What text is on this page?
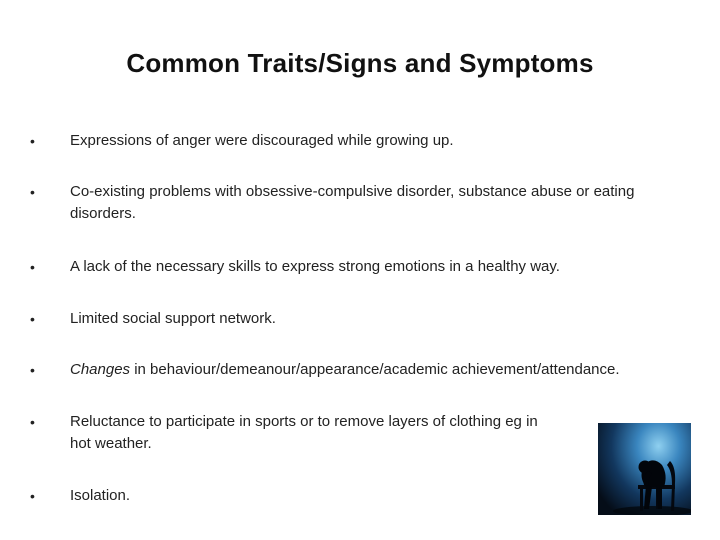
Common Traits/Signs and Symptoms
•	Expressions of anger were discouraged while growing up.
•	Co-existing problems with obsessive-compulsive disorder, substance abuse or eating disorders.
•	A lack of the necessary skills to express strong emotions in a healthy way.
•	Limited social support network.
•	Changes in behaviour/demeanour/appearance/academic achievement/attendance.
•	Reluctance to participate in sports or to remove layers of clothing eg in hot weather.
•	Isolation.
